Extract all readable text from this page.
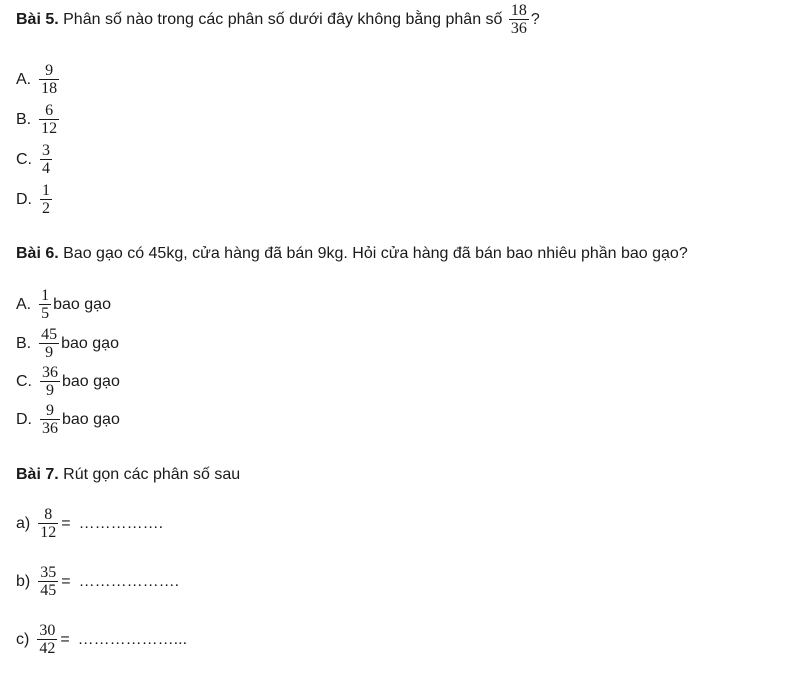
Bài 5. Phân số nào trong các phân số dưới đây không bằng phân số $\frac{18}{36}$ ?
A. $\frac{9}{18}$
B. $\frac{6}{12}$
C. $\frac{3}{4}$
D. $\frac{1}{2}$
Bài 6. Bao gạo có 45kg, cửa hàng đã bán 9kg. Hỏi cửa hàng đã bán bao nhiêu phần bao gạo?
A. $\frac{1}{5}$ bao gạo
B. $\frac{45}{9}$ bao gạo
C. $\frac{36}{9}$ bao gạo
D. $\frac{9}{36}$ bao gạo
Bài 7. Rút gọn các phân số sau
$a) \frac{8}{12}$ = …………….
$b) \frac{35}{45}$ = ……………….
$c) \frac{30}{42}$ = ………………...
